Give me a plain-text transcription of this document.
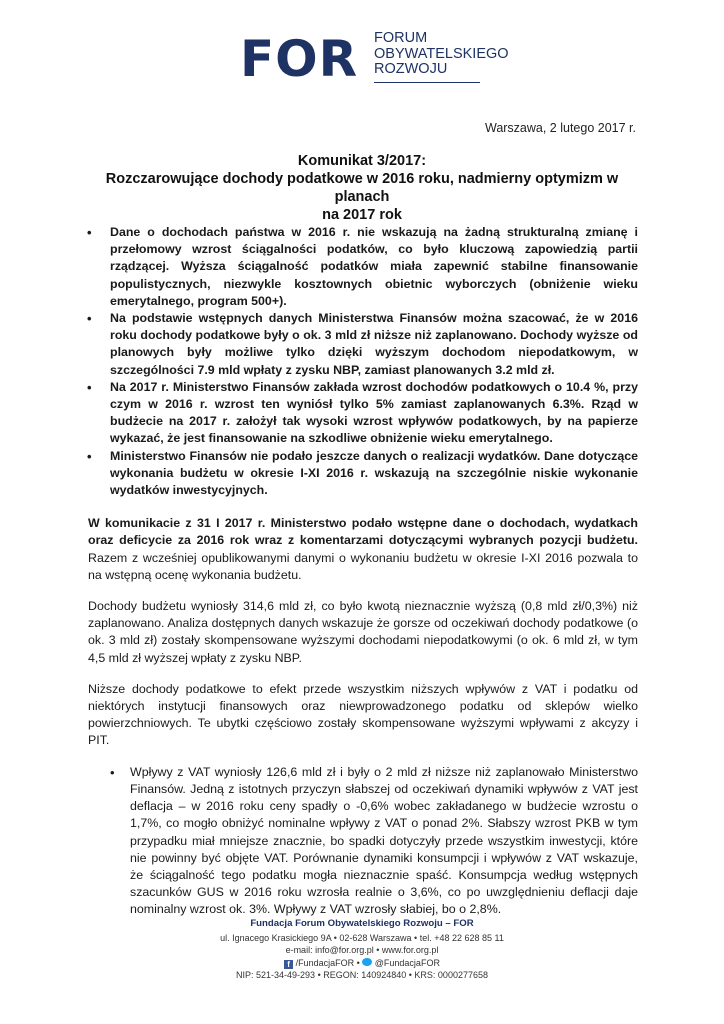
FOR FORUM
OBYWATELSKIEGO
ROZWOJU
Warszawa, 2 lutego 2017 r.
Komunikat 3/2017:
Rozczarowujące dochody podatkowe w 2016 roku, nadmierny optymizm w planach
na 2017 rok
• Dane o dochodach państwa w 2016 r. nie wskazują na żadną strukturalną zmianę i przełomowy wzrost ściągalności podatków, co było kluczową zapowiedzią partii rządzącej. Wyższa ściągalność podatków miała zapewnić stabilne finansowanie populistycznych, niezwykle kosztownych obietnic wyborczych (obniżenie wieku emerytalnego, program 500+).
• Na podstawie wstępnych danych Ministerstwa Finansów można szacować, że w 2016 roku dochody podatkowe były o ok. 3 mld zł niższe niż zaplanowano. Dochody wyższe od planowych były możliwe tylko dzięki wyższym dochodom niepodatkowym, w szczególności 7.9 mld wpłaty z zysku NBP, zamiast planowanych 3.2 mld zł.
• Na 2017 r. Ministerstwo Finansów zakłada wzrost dochodów podatkowych o 10.4 %, przy czym w 2016 r. wzrost ten wyniósł tylko 5% zamiast zaplanowanych 6.3%. Rząd w budżecie na 2017 r. założył tak wysoki wzrost wpływów podatkowych, by na papierze wykazać, że jest finansowanie na szkodliwe obniżenie wieku emerytalnego.
• Ministerstwo Finansów nie podało jeszcze danych o realizacji wydatków. Dane dotyczące wykonania budżetu w okresie I-XI 2016 r. wskazują na szczególnie niskie wykonanie wydatków inwestycyjnych.

W komunikacie z 31 I 2017 r. Ministerstwo podało wstępne dane o dochodach, wydatkach oraz deficycie za 2016 rok wraz z komentarzami dotyczącymi wybranych pozycji budżetu. Razem z wcześniej opublikowanymi danymi o wykonaniu budżetu w okresie I-XI 2016 pozwala to na wstępną ocenę wykonania budżetu.

Dochody budżetu wyniosły 314,6 mld zł, co było kwotą nieznacznie wyższą (0,8 mld zł/0,3%) niż zaplanowano. Analiza dostępnych danych wskazuje że gorsze od oczekiwań dochody podatkowe (o ok. 3 mld zł) zostały skompensowane wyższymi dochodami niepodatkowymi (o ok. 6 mld zł, w tym 4,5 mld zł wyższej wpłaty z zysku NBP.

Niższe dochody podatkowe to efekt przede wszystkim niższych wpływów z VAT i podatku od niektórych instytucji finansowych oraz niewprowadzonego podatku od sklepów wielko powierzchniowych. Te ubytki częściowo zostały skompensowane wyższymi wpływami z akcyzy i PIT.

• Wpływy z VAT wyniosły 126,6 mld zł i były o 2 mld zł niższe niż zaplanowało Ministerstwo Finansów. Jedną z istotnych przyczyn słabszej od oczekiwań dynamiki wpływów z VAT jest deflacja – w 2016 roku ceny spadły o -0,6% wobec zakładanego w budżecie wzrostu o 1,7%, co mogło obniżyć nominalne wpływy z VAT o ponad 2%. Słabszy wzrost PKB w tym przypadku miał mniejsze znacznie, bo spadki dotyczyły przede wszystkim inwestycji, które nie powinny być objęte VAT. Porównanie dynamiki konsumpcji i wpływów z VAT wskazuje, że ściągalność tego podatku mogła nieznacznie spaść. Konsumpcja według wstępnych szacunków GUS w 2016 roku wzrosła realnie o 3,6%, co po uwzględnieniu deflacji daje nominalny wzrost ok. 3%. Wpływy z VAT wzrosły słabiej, bo o 2,8%.
Fundacja Forum Obywatelskiego Rozwoju – FOR
ul. Ignacego Krasickiego 9A • 02-628 Warszawa • tel. +48 22 628 85 11
e-mail: info@for.org.pl • www.for.org.pl
f /FundacjaFOR •  @FundacjaFOR
NIP: 521-34-49-293 • REGON: 140924840 • KRS: 0000277658
